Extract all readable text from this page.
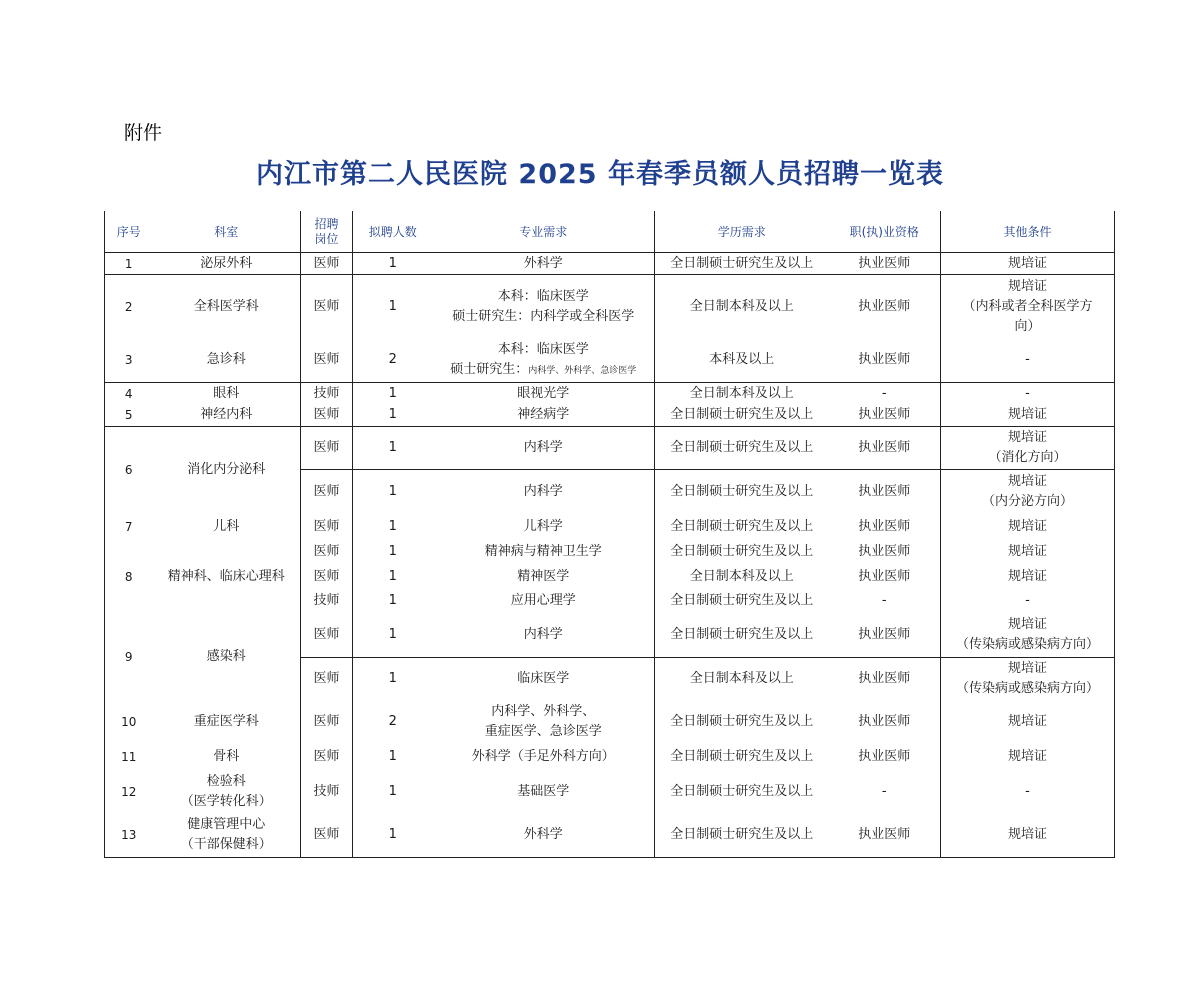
附件
内江市第二人民医院 2025 年春季员额人员招聘一览表
序号	科室	招聘
岗位	拟聘人数	专业需求	学历需求	职(执)业资格	其他条件
1	泌尿外科	医师	1	外科学	全日制硕士研究生及以上	执业医师	规培证
2	全科医学科	医师	1	本科：临床医学
硕士研究生：内科学或全科医学	全日制本科及以上	执业医师	规培证
（内科或者全科医学方
向）
3	急诊科	医师	2	本科：临床医学
硕士研究生：内科学、外科学、急诊医学	本科及以上	执业医师	-
4	眼科	技师	1	眼视光学	全日制本科及以上	-	-
5	神经内科	医师	1	神经病学	全日制硕士研究生及以上	执业医师	规培证
6	消化内分泌科	医师	1	内科学	全日制硕士研究生及以上	执业医师	规培证
（消化方向）
		医师	1	内科学	全日制硕士研究生及以上	执业医师	规培证
（内分泌方向）
7	儿科	医师	1	儿科学	全日制硕士研究生及以上	执业医师	规培证
8	精神科、临床心理科	医师	1	精神病与精神卫生学	全日制硕士研究生及以上	执业医师	规培证
		医师	1	精神医学	全日制本科及以上	执业医师	规培证
		技师	1	应用心理学	全日制硕士研究生及以上	-	-
9	感染科	医师	1	内科学	全日制硕士研究生及以上	执业医师	规培证
（传染病或感染病方向）
		医师	1	临床医学	全日制本科及以上	执业医师	规培证
（传染病或感染病方向）
10	重症医学科	医师	2	内科学、外科学、
重症医学、急诊医学	全日制硕士研究生及以上	执业医师	规培证
11	骨科	医师	1	外科学（手足外科方向）	全日制硕士研究生及以上	执业医师	规培证
12	检验科
（医学转化科）	技师	1	基础医学	全日制硕士研究生及以上	-	-
13	健康管理中心
（干部保健科）	医师	1	外科学	全日制硕士研究生及以上	执业医师	规培证
